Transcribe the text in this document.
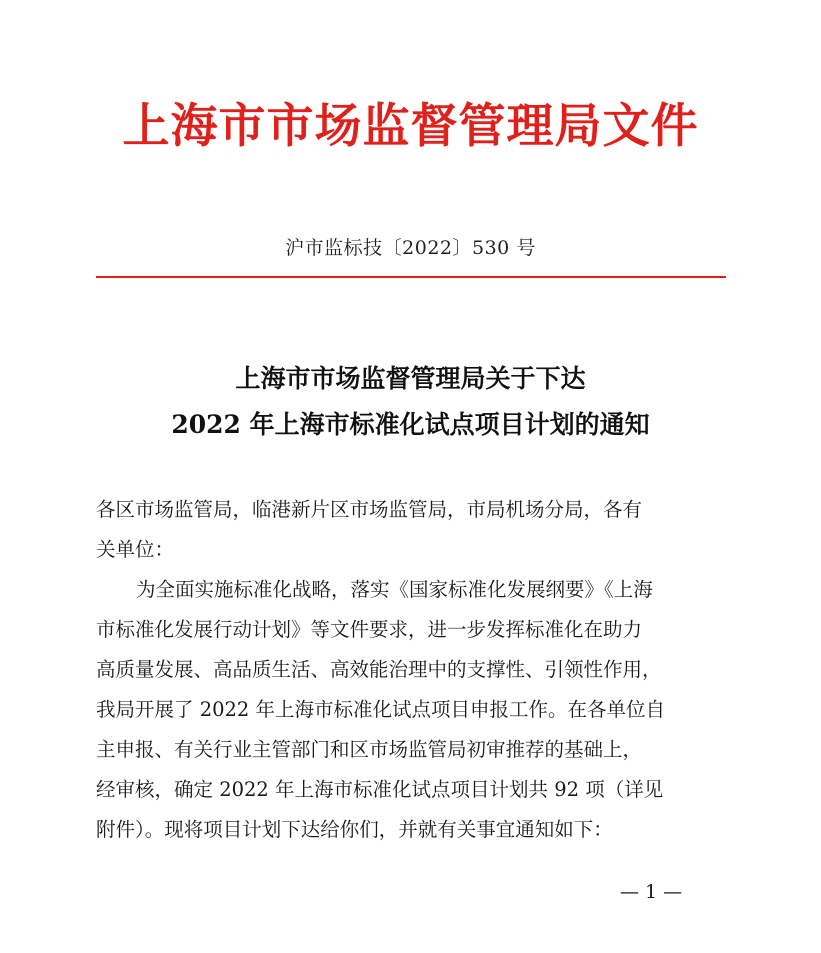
上海市市场监督管理局文件
沪市监标技〔2022〕530 号
上海市市场监督管理局关于下达
2022 年上海市标准化试点项目计划的通知

各区市场监管局，临港新片区市场监管局，市局机场分局，各有

关单位：

为全面实施标准化战略，落实《国家标准化发展纲要》《上海

市标准化发展行动计划》等文件要求，进一步发挥标准化在助力

高质量发展、高品质生活、高效能治理中的支撑性、引领性作用，

我局开展了 2022 年上海市标准化试点项目申报工作。在各单位自

主申报、有关行业主管部门和区市场监管局初审推荐的基础上，

经审核，确定 2022 年上海市标准化试点项目计划共 92 项（详见

附件）。现将项目计划下达给你们，并就有关事宜通知如下：

— 1 —
